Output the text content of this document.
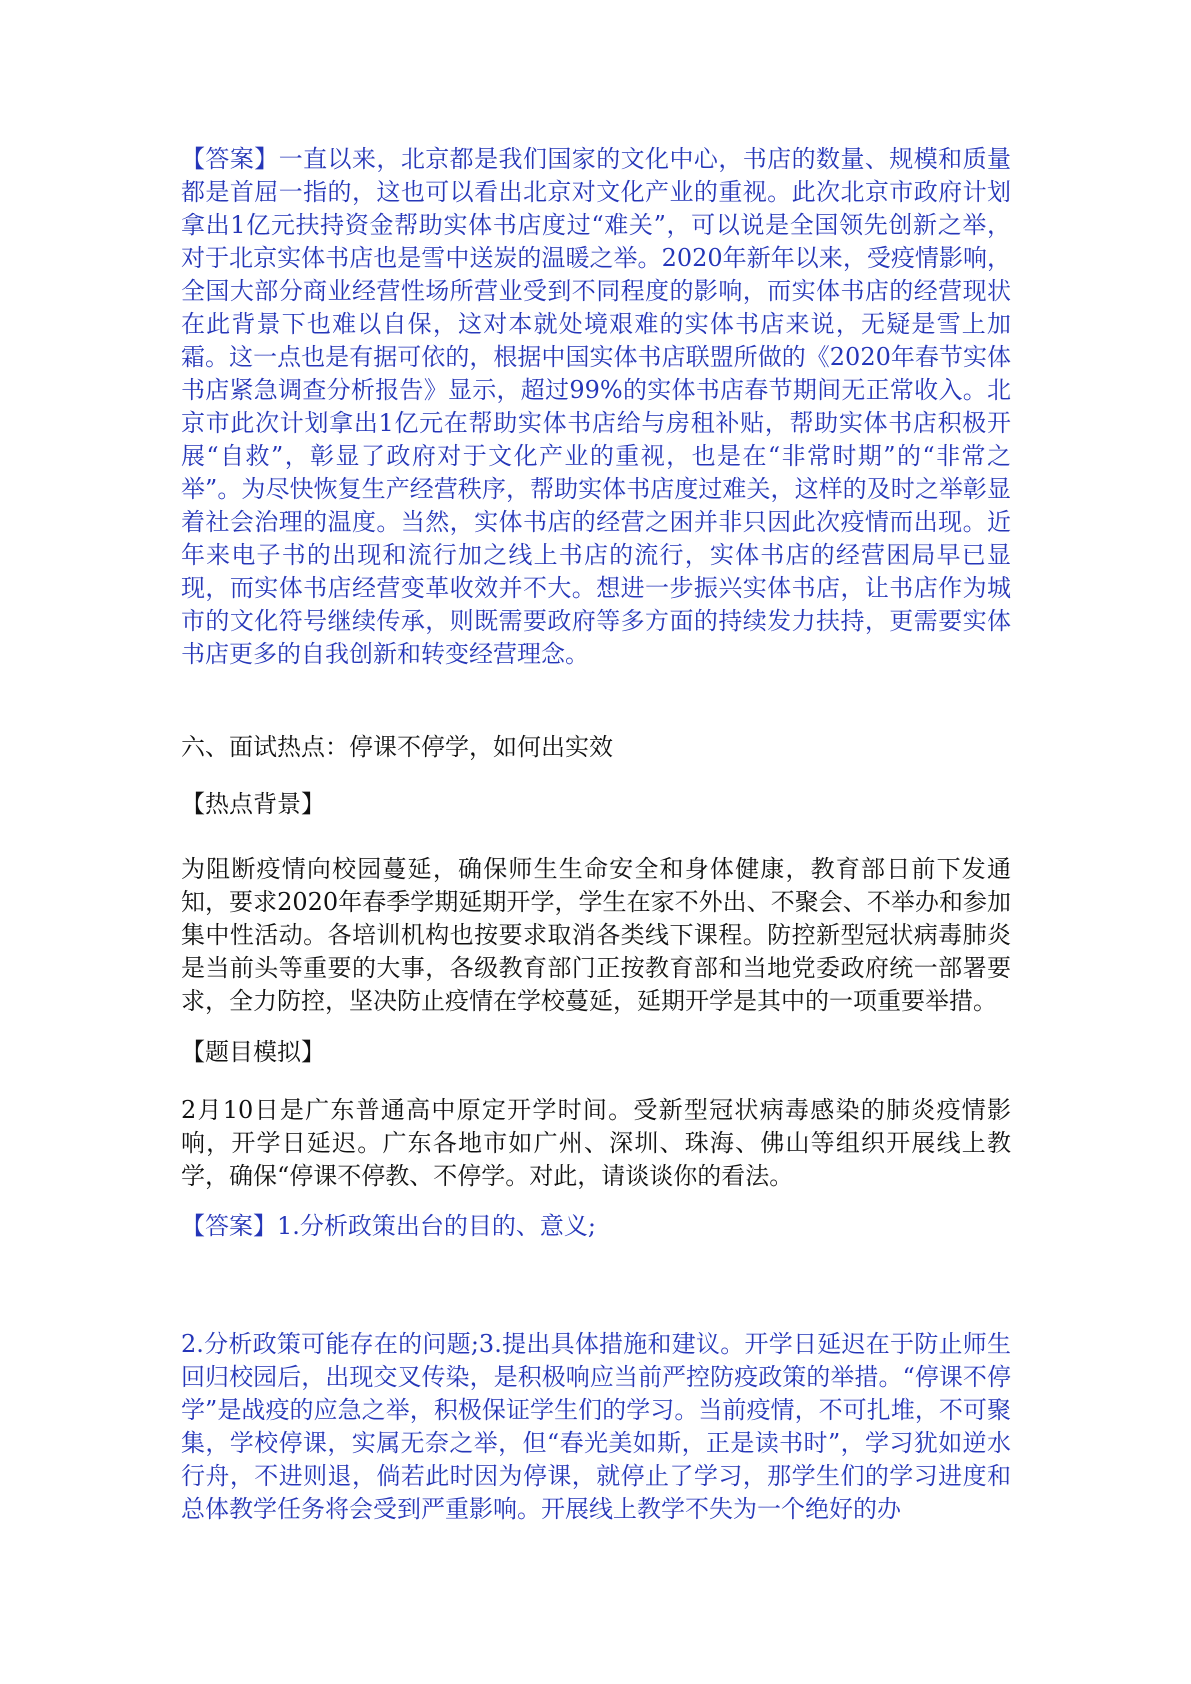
【答案】一直以来，北京都是我们国家的文化中心，书店的数量、规模和质量都是首屈一指的，这也可以看出北京对文化产业的重视。此次北京市政府计划拿出1亿元扶持资金帮助实体书店度过“难关”，可以说是全国领先创新之举，对于北京实体书店也是雪中送炭的温暖之举。2020年新年以来，受疫情影响，全国大部分商业经营性场所营业受到不同程度的影响，而实体书店的经营现状在此背景下也难以自保，这对本就处境艰难的实体书店来说，无疑是雪上加霜。这一点也是有据可依的，根据中国实体书店联盟所做的《2020年春节实体书店紧急调查分析报告》显示，超过99%的实体书店春节期间无正常收入。北京市此次计划拿出1亿元在帮助实体书店给与房租补贴，帮助实体书店积极开展“自救”，彰显了政府对于文化产业的重视，也是在“非常时期”的“非常之举”。为尽快恢复生产经营秩序，帮助实体书店度过难关，这样的及时之举彰显着社会治理的温度。当然，实体书店的经营之困并非只因此次疫情而出现。近年来电子书的出现和流行加之线上书店的流行，实体书店的经营困局早已显现，而实体书店经营变革收效并不大。想进一步振兴实体书店，让书店作为城市的文化符号继续传承，则既需要政府等多方面的持续发力扶持，更需要实体书店更多的自我创新和转变经营理念。

六、面试热点：停课不停学，如何出实效

【热点背景】

为阻断疫情向校园蔓延，确保师生生命安全和身体健康，教育部日前下发通知，要求2020年春季学期延期开学，学生在家不外出、不聚会、不举办和参加集中性活动。各培训机构也按要求取消各类线下课程。防控新型冠状病毒肺炎是当前头等重要的大事，各级教育部门正按教育部和当地党委政府统一部署要求，全力防控，坚决防止疫情在学校蔓延，延期开学是其中的一项重要举措。

【题目模拟】

2月10日是广东普通高中原定开学时间。受新型冠状病毒感染的肺炎疫情影响，开学日延迟。广东各地市如广州、深圳、珠海、佛山等组织开展线上教学，确保“停课不停教、不停学。对此，请谈谈你的看法。

【答案】1.分析政策出台的目的、意义;

2.分析政策可能存在的问题;3.提出具体措施和建议。开学日延迟在于防止师生回归校园后，出现交叉传染，是积极响应当前严控防疫政策的举措。“停课不停学”是战疫的应急之举，积极保证学生们的学习。当前疫情，不可扎堆，不可聚集，学校停课，实属无奈之举，但“春光美如斯，正是读书时”，学习犹如逆水行舟，不进则退，倘若此时因为停课，就停止了学习，那学生们的学习进度和总体教学任务将会受到严重影响。开展线上教学不失为一个绝好的办
